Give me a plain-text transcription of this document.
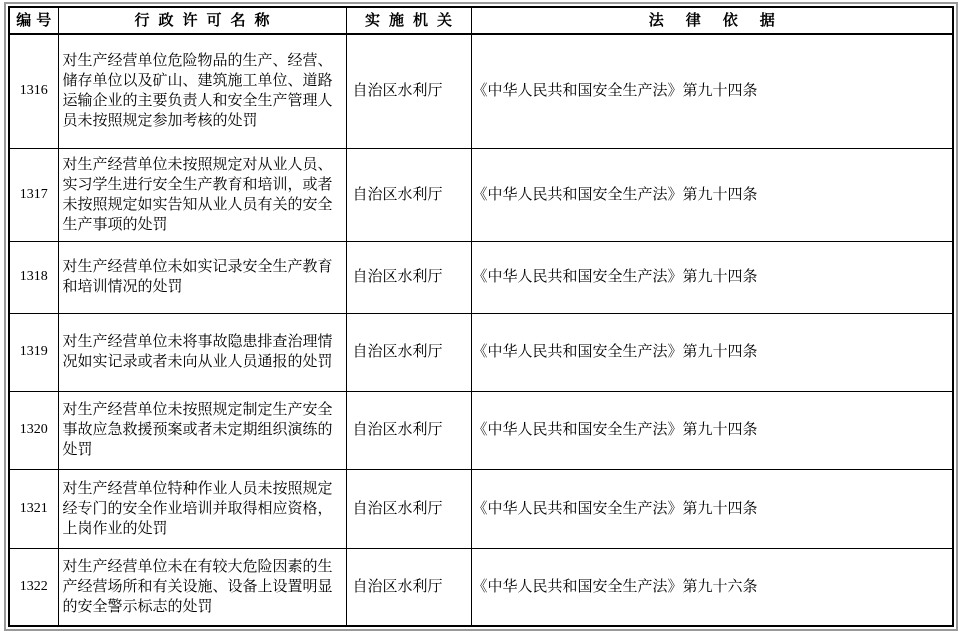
编号	行政许可名称	实施机关	法律依据
1316	对生产经营单位危险物品的生产、经营、储存单位以及矿山、建筑施工单位、道路运输企业的主要负责人和安全生产管理人员未按照规定参加考核的处罚	自治区水利厅	《中华人民共和国安全生产法》第九十四条
1317	对生产经营单位未按照规定对从业人员、实习学生进行安全生产教育和培训，或者未按照规定如实告知从业人员有关的安全生产事项的处罚	自治区水利厅	《中华人民共和国安全生产法》第九十四条
1318	对生产经营单位未如实记录安全生产教育和培训情况的处罚	自治区水利厅	《中华人民共和国安全生产法》第九十四条
1319	对生产经营单位未将事故隐患排查治理情况如实记录或者未向从业人员通报的处罚	自治区水利厅	《中华人民共和国安全生产法》第九十四条
1320	对生产经营单位未按照规定制定生产安全事故应急救援预案或者未定期组织演练的处罚	自治区水利厅	《中华人民共和国安全生产法》第九十四条
1321	对生产经营单位特种作业人员未按照规定经专门的安全作业培训并取得相应资格，上岗作业的处罚	自治区水利厅	《中华人民共和国安全生产法》第九十四条
1322	对生产经营单位未在有较大危险因素的生产经营场所和有关设施、设备上设置明显的安全警示标志的处罚	自治区水利厅	《中华人民共和国安全生产法》第九十六条
